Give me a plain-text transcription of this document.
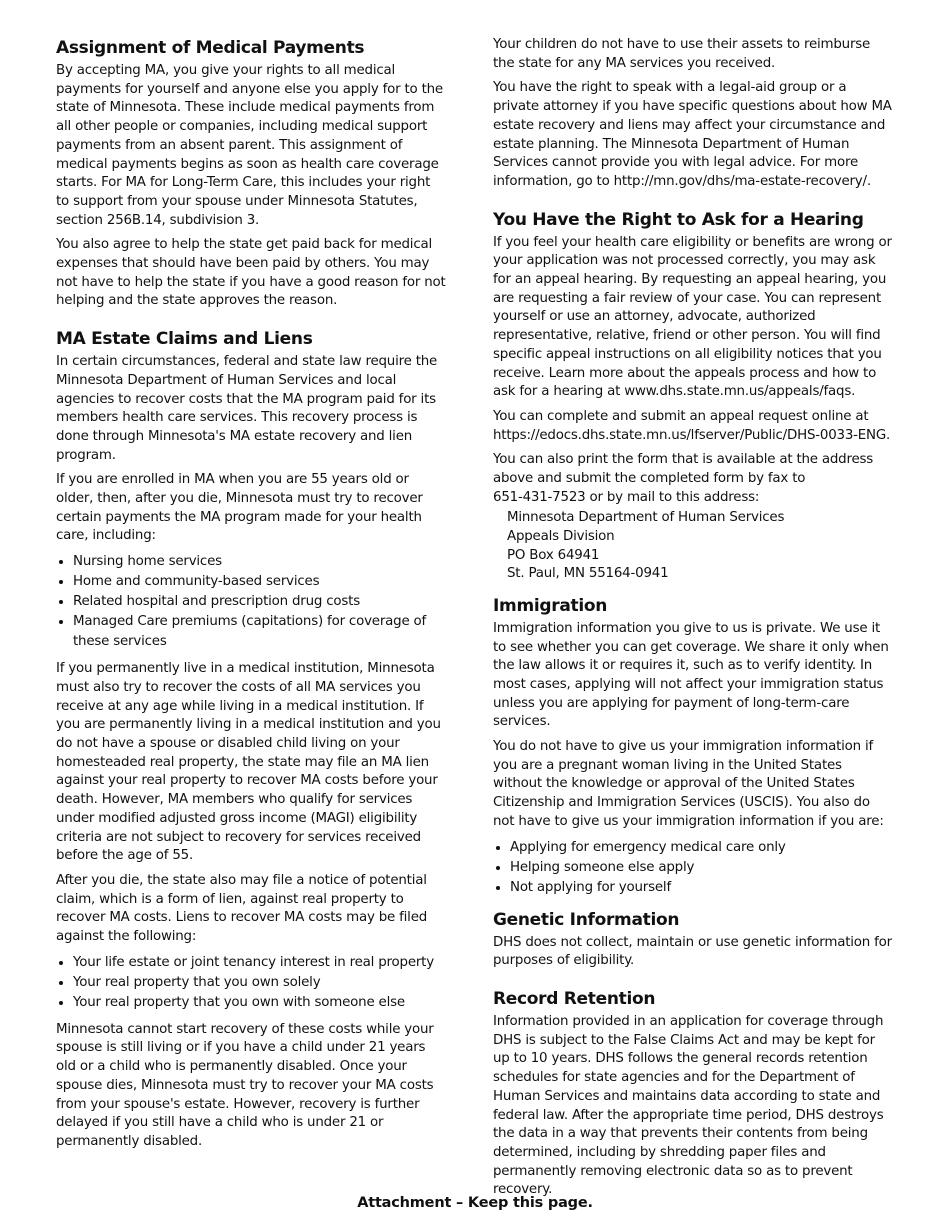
Assignment of Medical Payments

By accepting MA, you give your rights to all medical payments for yourself and anyone else you apply for to the state of Minnesota. These include medical payments from all other people or companies, including medical support payments from an absent parent. This assignment of medical payments begins as soon as health care coverage starts. For MA for Long-Term Care, this includes your right to support from your spouse under Minnesota Statutes, section 256B.14, subdivision 3.

You also agree to help the state get paid back for medical expenses that should have been paid by others. You may not have to help the state if you have a good reason for not helping and the state approves the reason.

MA Estate Claims and Liens

In certain circumstances, federal and state law require the Minnesota Department of Human Services and local agencies to recover costs that the MA program paid for its members health care services. This recovery process is done through Minnesota's MA estate recovery and lien program.

If you are enrolled in MA when you are 55 years old or older, then, after you die, Minnesota must try to recover certain payments the MA program made for your health care, including:

• Nursing home services
• Home and community-based services
• Related hospital and prescription drug costs
• Managed Care premiums (capitations) for coverage of these services

If you permanently live in a medical institution, Minnesota must also try to recover the costs of all MA services you receive at any age while living in a medical institution. If you are permanently living in a medical institution and you do not have a spouse or disabled child living on your homesteaded real property, the state may file an MA lien against your real property to recover MA costs before your death. However, MA members who qualify for services under modified adjusted gross income (MAGI) eligibility criteria are not subject to recovery for services received before the age of 55.

After you die, the state also may file a notice of potential claim, which is a form of lien, against real property to recover MA costs. Liens to recover MA costs may be filed against the following:

• Your life estate or joint tenancy interest in real property
• Your real property that you own solely
• Your real property that you own with someone else

Minnesota cannot start recovery of these costs while your spouse is still living or if you have a child under 21 years old or a child who is permanently disabled. Once your spouse dies, Minnesota must try to recover your MA costs from your spouse's estate. However, recovery is further delayed if you still have a child who is under 21 or permanently disabled.

Your children do not have to use their assets to reimburse the state for any MA services you received.

You have the right to speak with a legal-aid group or a private attorney if you have specific questions about how MA estate recovery and liens may affect your circumstance and estate planning. The Minnesota Department of Human Services cannot provide you with legal advice. For more information, go to http://mn.gov/dhs/ma-estate-recovery/.

You Have the Right to Ask for a Hearing

If you feel your health care eligibility or benefits are wrong or your application was not processed correctly, you may ask for an appeal hearing. By requesting an appeal hearing, you are requesting a fair review of your case. You can represent yourself or use an attorney, advocate, authorized representative, relative, friend or other person. You will find specific appeal instructions on all eligibility notices that you receive. Learn more about the appeals process and how to ask for a hearing at www.dhs.state.mn.us/appeals/faqs.

You can complete and submit an appeal request online at https://edocs.dhs.state.mn.us/lfserver/Public/DHS-0033-ENG.

You can also print the form that is available at the address above and submit the completed form by fax to
651-431-7523 or by mail to this address:

Minnesota Department of Human Services
Appeals Division
PO Box 64941
St. Paul, MN 55164-0941
Immigration

Immigration information you give to us is private. We use it to see whether you can get coverage. We share it only when the law allows it or requires it, such as to verify identity. In most cases, applying will not affect your immigration status unless you are applying for payment of long-term-care services.

You do not have to give us your immigration information if you are a pregnant woman living in the United States without the knowledge or approval of the United States Citizenship and Immigration Services (USCIS). You also do not have to give us your immigration information if you are:

• Applying for emergency medical care only
• Helping someone else apply
• Not applying for yourself
Genetic Information

DHS does not collect, maintain or use genetic information for purposes of eligibility.

Record Retention

Information provided in an application for coverage through DHS is subject to the False Claims Act and may be kept for up to 10 years. DHS follows the general records retention schedules for state agencies and for the Department of Human Services and maintains data according to state and federal law. After the appropriate time period, DHS destroys the data in a way that prevents their contents from being determined, including by shredding paper files and permanently removing electronic data so as to prevent recovery.

Attachment – Keep this page.
